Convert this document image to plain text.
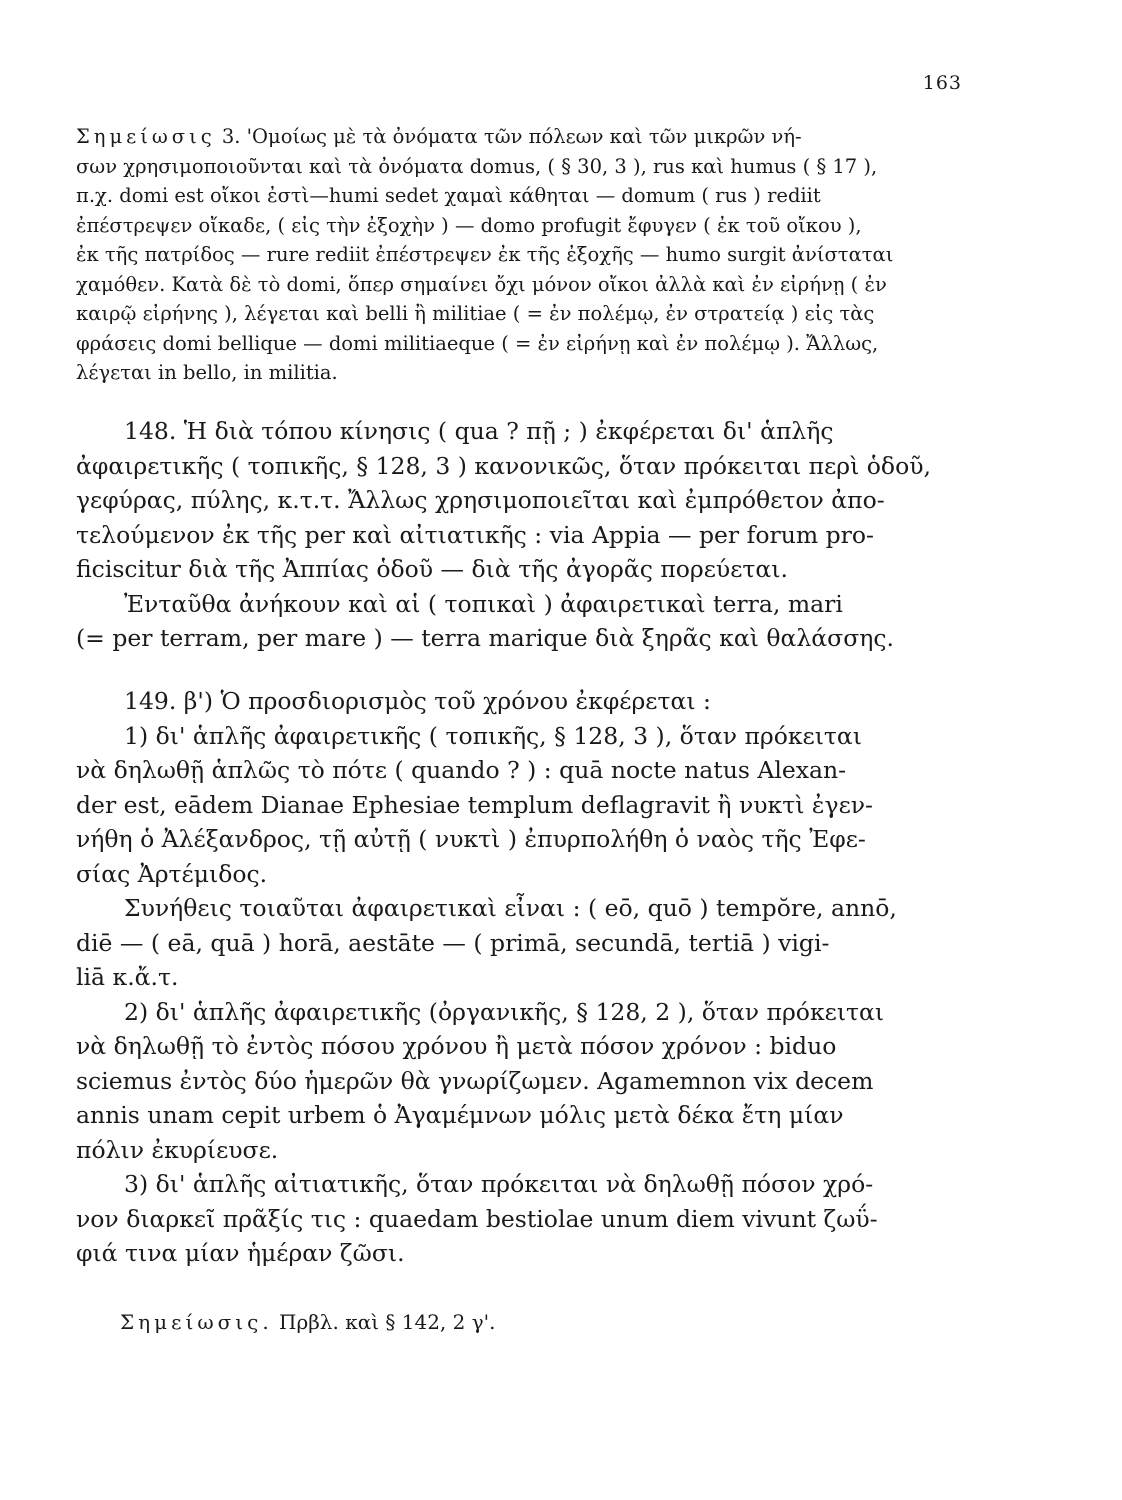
163

Σημείωσις 3. 'Ομοίως μὲ τὰ ὀνόματα τῶν πόλεων καὶ τῶν μικρῶν νή-

σων χρησιμοποιοῦνται καὶ τὰ ὀνόματα domus, ( § 30, 3 ), rus καὶ humus ( § 17 ),

π.χ. domi est οἴκοι ἐστὶ—humi sedet χαμαὶ κάθηται — domum ( rus ) rediit

ἐπέστρεψεν οἴκαδε, ( εἰς τὴν ἐξοχὴν ) — domo profugit ἔφυγεν ( ἐκ τοῦ οἴκου ),

ἐκ τῆς πατρίδος — rure rediit ἐπέστρεψεν ἐκ τῆς ἐξοχῆς — humo surgit ἀνίσταται

χαμόθεν. Κατὰ δὲ τὸ domi, ὅπερ σημαίνει ὄχι μόνον οἴκοι ἀλλὰ καὶ ἐν εἰρήνῃ ( ἐν

καιρῷ εἰρήνης ), λέγεται καὶ belli ἢ militiae ( = ἐν πολέμῳ, ἐν στρατείᾳ ) εἰς τὰς

φράσεις domi bellique — domi militiaeque ( = ἐν εἰρήνῃ καὶ ἐν πολέμῳ ). Ἄλλως,

λέγεται in bello, in militia.

148. Ἡ διὰ τόπου κίνησις ( qua ? πῇ ; ) ἐκφέρεται δι' ἁπλῆς

ἀφαιρετικῆς ( τοπικῆς, § 128, 3 ) κανονικῶς, ὅταν πρόκειται περὶ ὁδοῦ,

γεφύρας, πύλης, κ.τ.τ. Ἄλλως χρησιμοποιεῖται καὶ ἐμπρόθετον ἀπο-

τελούμενον ἐκ τῆς per καὶ αἰτιατικῆς : via Appia — per forum pro-

ficiscitur διὰ τῆς Ἀππίας ὁδοῦ — διὰ τῆς ἀγορᾶς πορεύεται.

Ἐνταῦθα ἀνήκουν καὶ αἱ ( τοπικαὶ ) ἀφαιρετικαὶ terra, mari

(= per terram, per mare ) — terra marique διὰ ξηρᾶς καὶ θαλάσσης.

149. β') Ὁ προσδιορισμὸς τοῦ χρόνου ἐκφέρεται :

1) δι' ἁπλῆς ἀφαιρετικῆς ( τοπικῆς, § 128, 3 ), ὅταν πρόκειται

νὰ δηλωθῇ ἁπλῶς τὸ πότε ( quando ? ) : quā nocte natus Alexan-

der est, eādem Dianae Ephesiae templum deflagravit ἢ νυκτὶ ἐγεν-

νήθη ὁ Ἀλέξανδρος, τῇ αὐτῇ ( νυκτὶ ) ἐπυρπολήθη ὁ ναὸς τῆς Ἐφε-

σίας Ἀρτέμιδος.

Συνήθεις τοιαῦται ἀφαιρετικαὶ εἶναι : ( eō, quō ) tempŏre, annō,

diē — ( eā, quā ) horā, aestāte — ( primā, secundā, tertiā ) vigi-

liā κ.ἄ.τ.

2) δι' ἁπλῆς ἀφαιρετικῆς (ὀργανικῆς, § 128, 2 ), ὅταν πρόκειται

νὰ δηλωθῇ τὸ ἐντὸς πόσου χρόνου ἢ μετὰ πόσον χρόνον : biduo

sciemus ἐντὸς δύο ἡμερῶν θὰ γνωρίζωμεν. Agamemnon vix decem

annis unam cepit urbem ὁ Ἀγαμέμνων μόλις μετὰ δέκα ἔτη μίαν

πόλιν ἐκυρίευσε.

3) δι' ἁπλῆς αἰτιατικῆς, ὅταν πρόκειται νὰ δηλωθῇ πόσον χρό-

νον διαρκεῖ πρᾶξίς τις : quaedam bestiolae unum diem vivunt ζωΰ-

φιά τινα μίαν ἡμέραν ζῶσι.

Σημείωσις. Πρβλ. καὶ § 142, 2 γ'.
